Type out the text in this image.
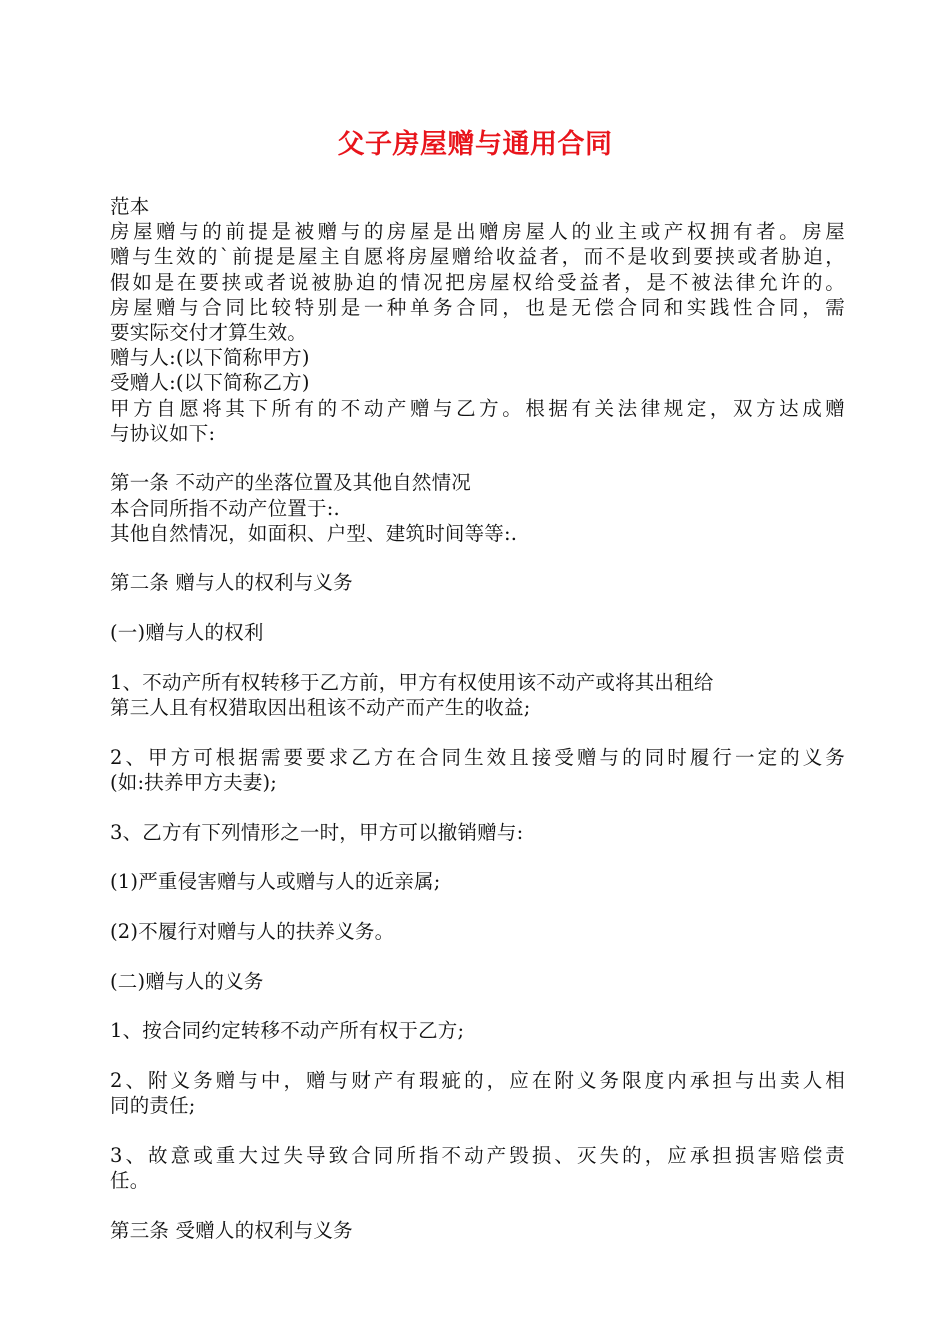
父子房屋赠与通用合同
范本
房屋赠与的前提是被赠与的房屋是出赠房屋人的业主或产权拥有者。房屋
赠与生效的`前提是屋主自愿将房屋赠给收益者，而不是收到要挟或者胁迫，
假如是在要挟或者说被胁迫的情况把房屋权给受益者，是不被法律允许的。
房屋赠与合同比较特别是一种单务合同，也是无偿合同和实践性合同，需
要实际交付才算生效。
赠与人:(以下简称甲方)
受赠人:(以下简称乙方)
甲方自愿将其下所有的不动产赠与乙方。根据有关法律规定，双方达成赠
与协议如下:
第一条 不动产的坐落位置及其他自然情况
本合同所指不动产位置于:.
其他自然情况，如面积、户型、建筑时间等等:.
第二条 赠与人的权利与义务
(一)赠与人的权利
1、不动产所有权转移于乙方前，甲方有权使用该不动产或将其出租给
第三人且有权猎取因出租该不动产而产生的收益;
2、甲方可根据需要要求乙方在合同生效且接受赠与的同时履行一定的义务
(如:扶养甲方夫妻);
3、乙方有下列情形之一时，甲方可以撤销赠与:
(1)严重侵害赠与人或赠与人的近亲属;
(2)不履行对赠与人的扶养义务。
(二)赠与人的义务
1、按合同约定转移不动产所有权于乙方;
2、附义务赠与中，赠与财产有瑕疵的，应在附义务限度内承担与出卖人相
同的责任;
3、故意或重大过失导致合同所指不动产毁损、灭失的，应承担损害赔偿责
任。
第三条 受赠人的权利与义务
